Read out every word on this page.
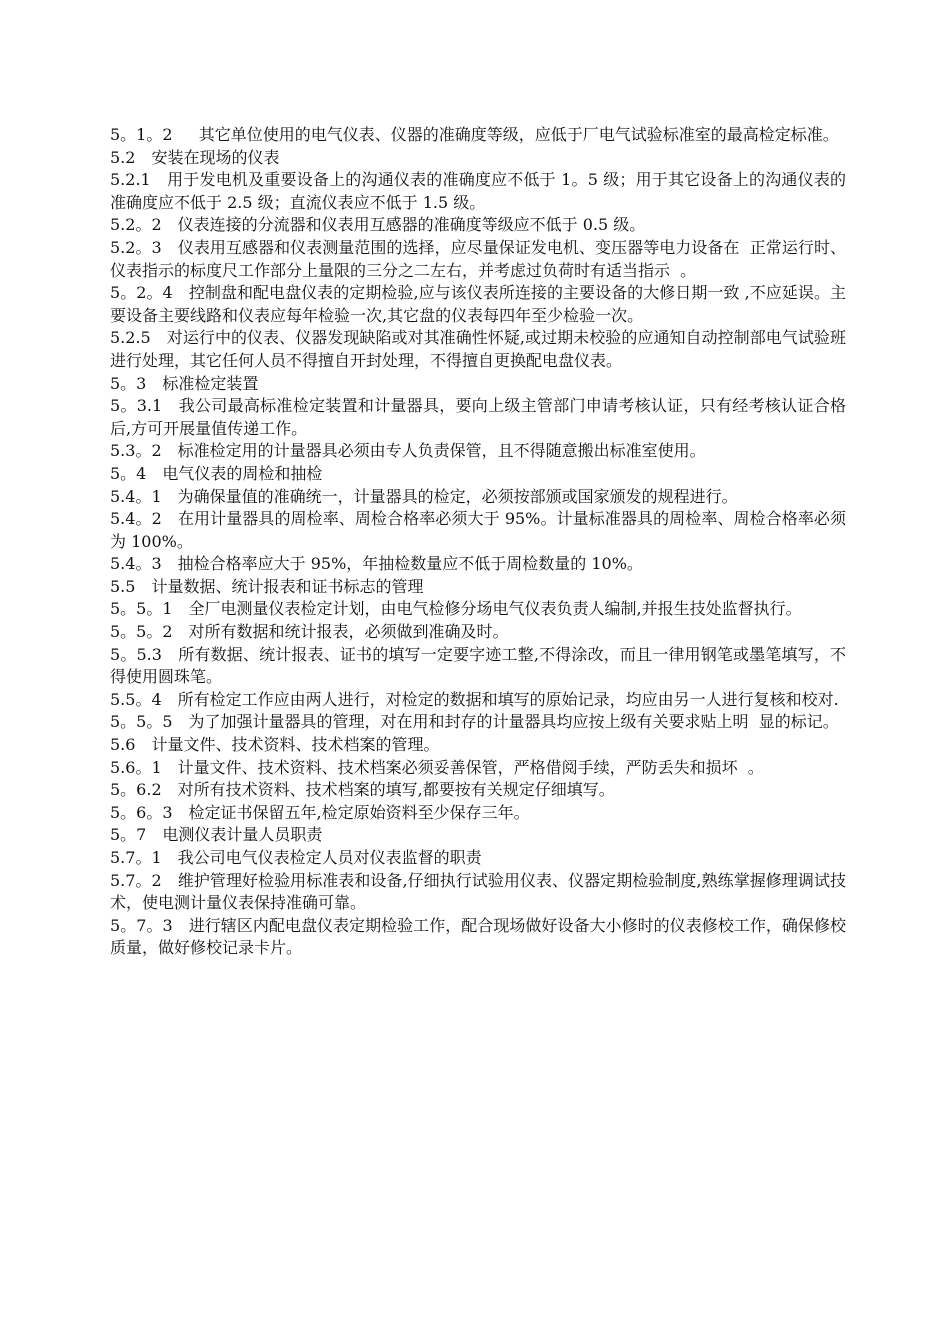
5。1。2　  其它单位使用的电气仪表、仪器的准确度等级，应低于厂电气试验标准室的最高检定标准。

5.2　安装在现场的仪表

5.2.1　用于发电机及重要设备上的沟通仪表的准确度应不低于 1。5 级；用于其它设备上的沟通仪表的准确度应不低于 2.5 级；直流仪表应不低于 1.5 级。

5.2。2　仪表连接的分流器和仪表用互感器的准确度等级应不低于 0.5 级。

5.2。3　仪表用互感器和仪表测量范围的选择，应尽量保证发电机、变压器等电力设备在  正常运行时、仪表指示的标度尺工作部分上量限的三分之二左右，并考虑过负荷时有适当指示  。

5。2。4　控制盘和配电盘仪表的定期检验,应与该仪表所连接的主要设备的大修日期一致 ,不应延误。主要设备主要线路和仪表应每年检验一次,其它盘的仪表每四年至少检验一次。

5.2.5　对运行中的仪表、仪器发现缺陷或对其准确性怀疑,或过期未校验的应通知自动控制部电气试验班进行处理，其它任何人员不得擅自开封处理，不得擅自更换配电盘仪表。

5。3　标准检定装置

5。3.1　我公司最高标准检定装置和计量器具，要向上级主管部门申请考核认证，只有经考核认证合格后,方可开展量值传递工作。

5.3。2　标准检定用的计量器具必须由专人负责保管，且不得随意搬出标准室使用。

5。4　电气仪表的周检和抽检

5.4。1　为确保量值的准确统一，计量器具的检定，必须按部颁或国家颁发的规程进行。

5.4。2　在用计量器具的周检率、周检合格率必须大于 95%。计量标准器具的周检率、周检合格率必须为 100%。

5.4。3　抽检合格率应大于 95%，年抽检数量应不低于周检数量的 10%。

5.5　计量数据、统计报表和证书标志的管理

5。5。1　全厂电测量仪表检定计划，由电气检修分场电气仪表负责人编制,并报生技处监督执行。

5。5。2　对所有数据和统计报表，必须做到准确及时。

5。5.3　所有数据、统计报表、证书的填写一定要字迹工整,不得涂改，而且一律用钢笔或墨笔填写，不得使用圆珠笔。

5.5。4　所有检定工作应由两人进行，对检定的数据和填写的原始记录，均应由另一人进行复核和校对.

5。5。5　为了加强计量器具的管理，对在用和封存的计量器具均应按上级有关要求贴上明  显的标记。

5.6　计量文件、技术资料、技术档案的管理。

5.6。1　计量文件、技术资料、技术档案必须妥善保管，严格借阅手续，严防丢失和损坏  。

5。6.2　对所有技术资料、技术档案的填写,都要按有关规定仔细填写。

5。6。3　检定证书保留五年,检定原始资料至少保存三年。

5。7　电测仪表计量人员职责

5.7。1　我公司电气仪表检定人员对仪表监督的职责

5.7。2　维护管理好检验用标准表和设备,仔细执行试验用仪表、仪器定期检验制度,熟练掌握修理调试技术，使电测计量仪表保持准确可靠。

5。7。3　进行辖区内配电盘仪表定期检验工作，配合现场做好设备大小修时的仪表修校工作，确保修校质量，做好修校记录卡片。
